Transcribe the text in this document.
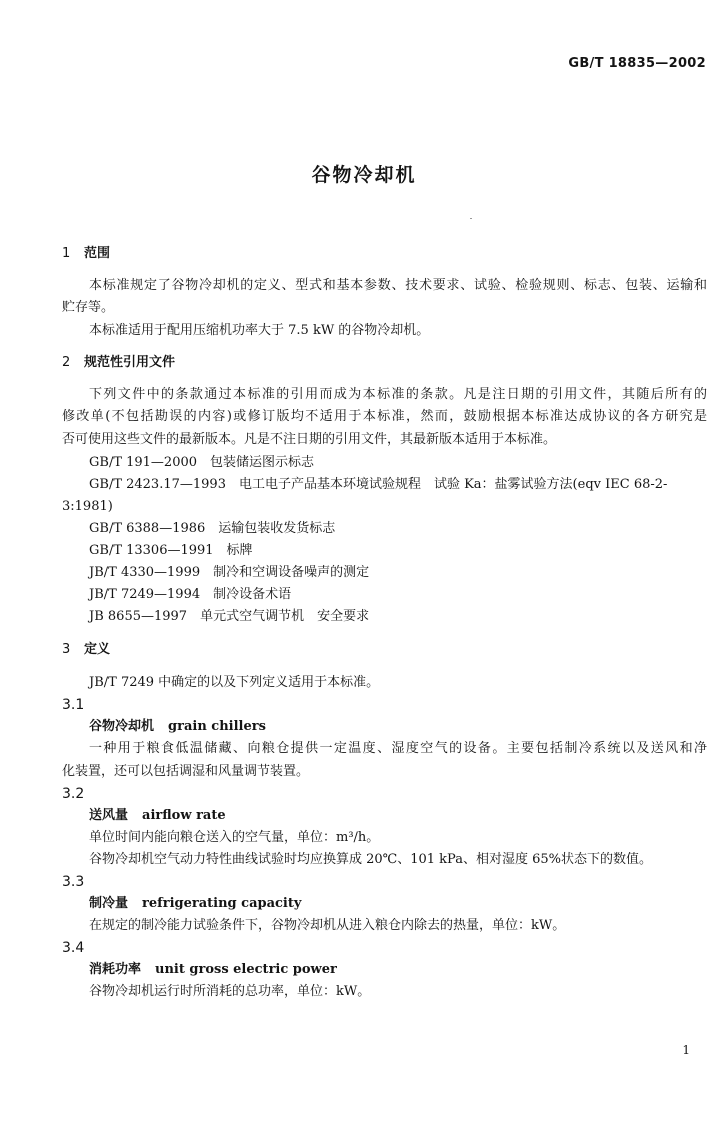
GB/T 18835—2002
谷物冷却机
1 范围
本标准规定了谷物冷却机的定义、型式和基本参数、技术要求、试验、检验规则、标志、包装、运输和
贮存等。
本标准适用于配用压缩机功率大于 7.5 kW 的谷物冷却机。
2 规范性引用文件
下列文件中的条款通过本标准的引用而成为本标准的条款。凡是注日期的引用文件，其随后所有的
修改单(不包括勘误的内容)或修订版均不适用于本标准，然而，鼓励根据本标准达成协议的各方研究是
否可使用这些文件的最新版本。凡是不注日期的引用文件，其最新版本适用于本标准。
GB/T 191—2000　包装储运图示标志
GB/T 2423.17—1993　电工电子产品基本环境试验规程　试验 Ka：盐雾试验方法(eqv IEC 68-2-
3:1981)
GB/T 6388—1986　运输包装收发货标志
GB/T 13306—1991　标牌
JB/T 4330—1999　制冷和空调设备噪声的测定
JB/T 7249—1994　制冷设备术语
JB 8655—1997　单元式空气调节机　安全要求
3 定义
JB/T 7249 中确定的以及下列定义适用于本标准。
3.1
谷物冷却机 grain chillers
一种用于粮食低温储藏、向粮仓提供一定温度、湿度空气的设备。主要包括制冷系统以及送风和净
化装置，还可以包括调湿和风量调节装置。
3.2
送风量 airflow rate
单位时间内能向粮仓送入的空气量，单位：m³/h。
谷物冷却机空气动力特性曲线试验时均应换算成 20℃、101 kPa、相对湿度 65%状态下的数值。
3.3
制冷量 refrigerating capacity
在规定的制冷能力试验条件下，谷物冷却机从进入粮仓内除去的热量，单位：kW。
3.4
消耗功率 unit gross electric power
谷物冷却机运行时所消耗的总功率，单位：kW。
1
